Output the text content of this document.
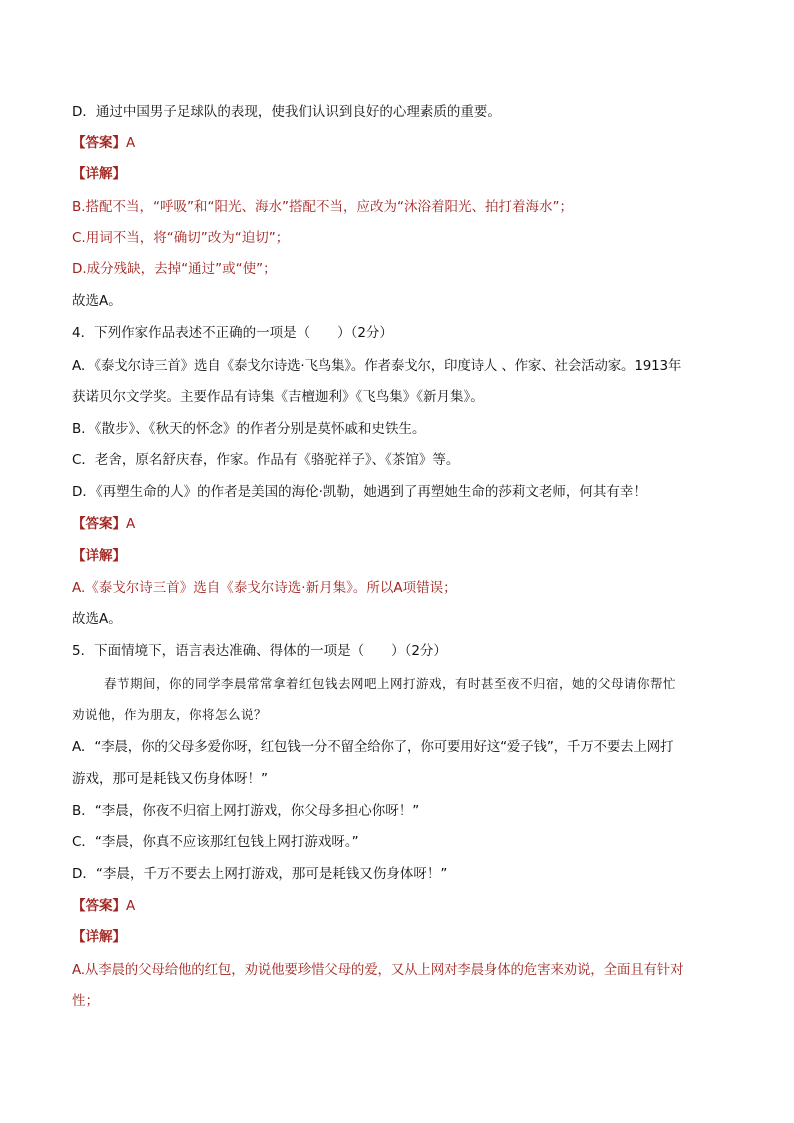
D．通过中国男子足球队的表现，使我们认识到良好的心理素质的重要。
【答案】A
【详解】
B.搭配不当，“呼吸”和“阳光、海水”搭配不当，应改为“沐浴着阳光、拍打着海水”；
C.用词不当，将“确切”改为“迫切”；
D.成分残缺，去掉“通过”或“使”；
故选A。
4．下列作家作品表述不正确的一项是（　　）（2分）
A．《泰戈尔诗三首》选自《泰戈尔诗选·飞鸟集》。作者泰戈尔，印度诗人 、作家、社会活动家。1913年
获诺贝尔文学奖。主要作品有诗集《吉檀迦利》《飞鸟集》《新月集》。
B．《散步》、《秋天的怀念》的作者分别是莫怀戚和史铁生。
C．老舍，原名舒庆春，作家。作品有《骆驼祥子》、《茶馆》等。
D．《再塑生命的人》的作者是美国的海伦·凯勒，她遇到了再塑她生命的莎莉文老师，何其有幸！
【答案】A
【详解】
A.《泰戈尔诗三首》选自《泰戈尔诗选·新月集》。所以A项错误；
故选A。
5．下面情境下，语言表达准确、得体的一项是（　　）（2分）
春节期间，你的同学李晨常常拿着红包钱去网吧上网打游戏，有时甚至夜不归宿，她的父母请你帮忙
劝说他，作为朋友，你将怎么说？
A．“李晨，你的父母多爱你呀，红包钱一分不留全给你了，你可要用好这“爱子钱”，千万不要去上网打
游戏，那可是耗钱又伤身体呀！”
B．“李晨，你夜不归宿上网打游戏，你父母多担心你呀！”
C．“李晨，你真不应该那红包钱上网打游戏呀。”
D．“李晨，千万不要去上网打游戏，那可是耗钱又伤身体呀！”
【答案】A
【详解】
A.从李晨的父母给他的红包，劝说他要珍惜父母的爱，又从上网对李晨身体的危害来劝说，全面且有针对
性；
